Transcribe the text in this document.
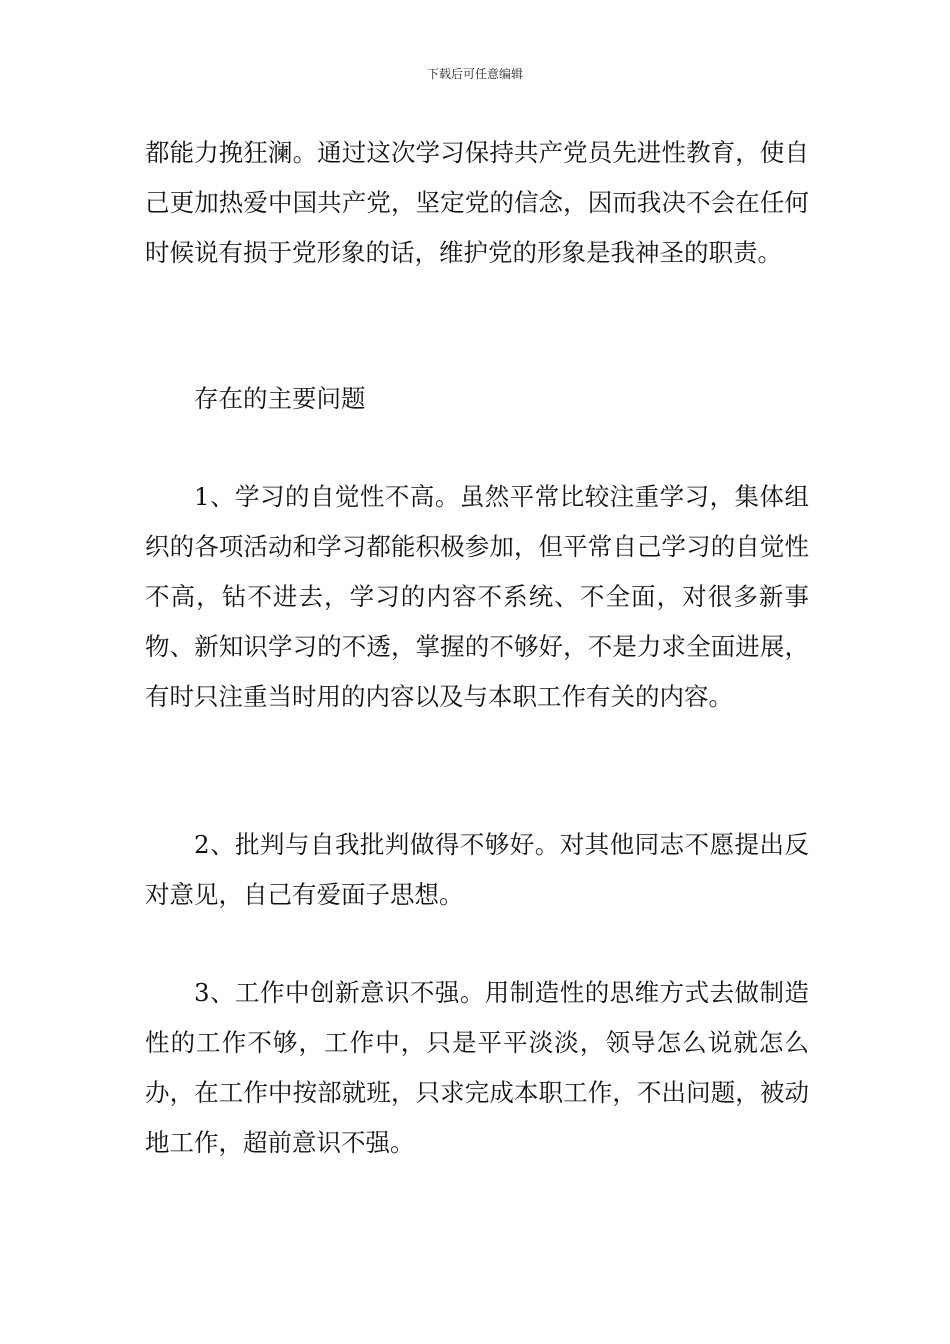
下载后可任意编辑

都能力挽狂澜。通过这次学习保持共产党员先进性教育，使自己更加热爱中国共产党，坚定党的信念，因而我决不会在任何时候说有损于党形象的话，维护党的形象是我神圣的职责。

存在的主要问题

1、学习的自觉性不高。虽然平常比较注重学习，集体组织的各项活动和学习都能积极参加，但平常自己学习的自觉性不高，钻不进去，学习的内容不系统、不全面，对很多新事物、新知识学习的不透，掌握的不够好，不是力求全面进展，有时只注重当时用的内容以及与本职工作有关的内容。

2、批判与自我批判做得不够好。对其他同志不愿提出反对意见，自己有爱面子思想。

3、工作中创新意识不强。用制造性的思维方式去做制造性的工作不够，工作中，只是平平淡淡，领导怎么说就怎么办，在工作中按部就班，只求完成本职工作，不出问题，被动地工作，超前意识不强。
